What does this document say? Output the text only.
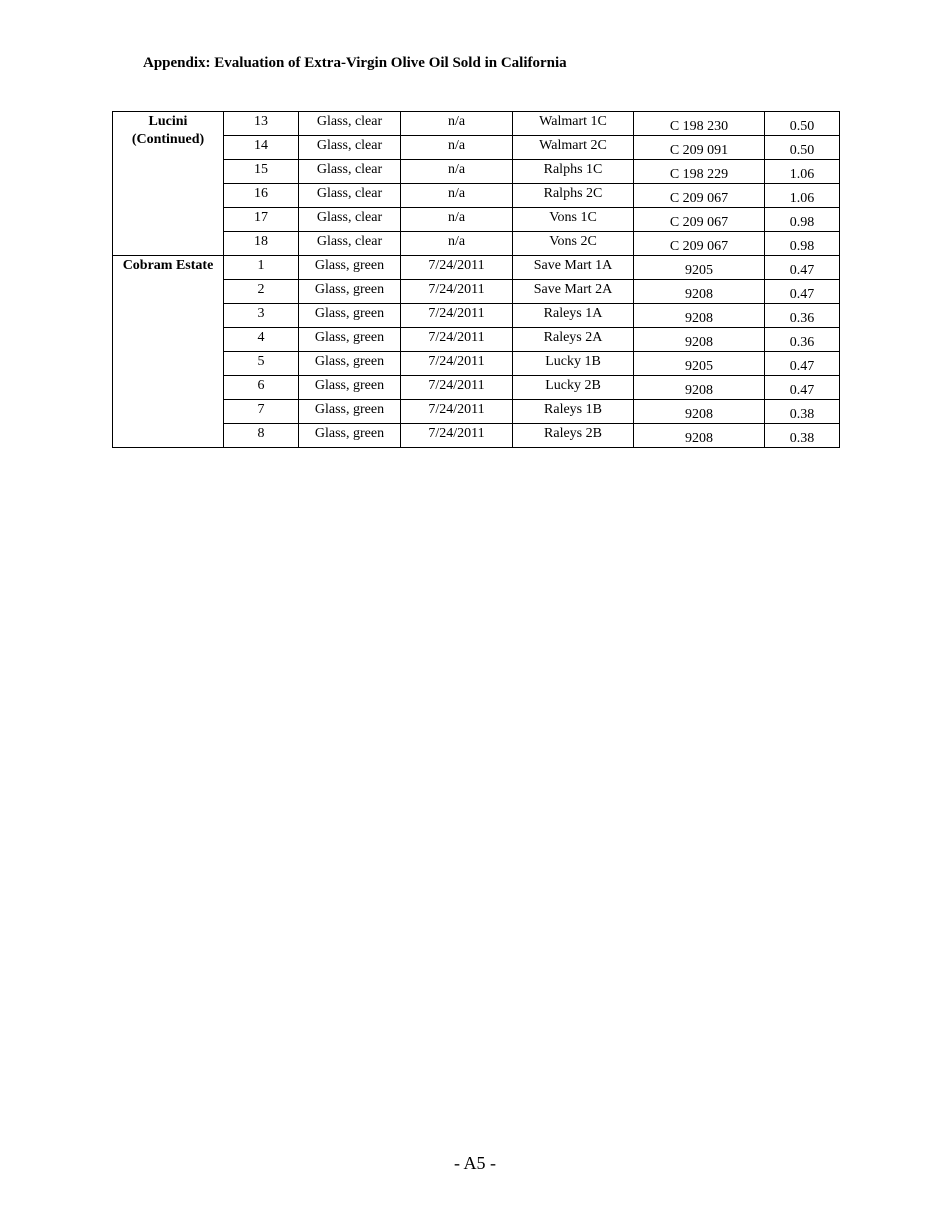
Appendix: Evaluation of Extra-Virgin Olive Oil Sold in California
Lucini (Continued)	13	Glass, clear	n/a	Walmart 1C	C 198 230	0.50
	14	Glass, clear	n/a	Walmart 2C	C 209 091	0.50
	15	Glass, clear	n/a	Ralphs 1C	C 198 229	1.06
	16	Glass, clear	n/a	Ralphs 2C	C 209 067	1.06
	17	Glass, clear	n/a	Vons 1C	C 209 067	0.98
	18	Glass, clear	n/a	Vons 2C	C 209 067	0.98
Cobram Estate	1	Glass, green	7/24/2011	Save Mart 1A	9205	0.47
	2	Glass, green	7/24/2011	Save Mart 2A	9208	0.47
	3	Glass, green	7/24/2011	Raleys 1A	9208	0.36
	4	Glass, green	7/24/2011	Raleys 2A	9208	0.36
	5	Glass, green	7/24/2011	Lucky 1B	9205	0.47
	6	Glass, green	7/24/2011	Lucky 2B	9208	0.47
	7	Glass, green	7/24/2011	Raleys 1B	9208	0.38
	8	Glass, green	7/24/2011	Raleys 2B	9208	0.38
- A5 -
